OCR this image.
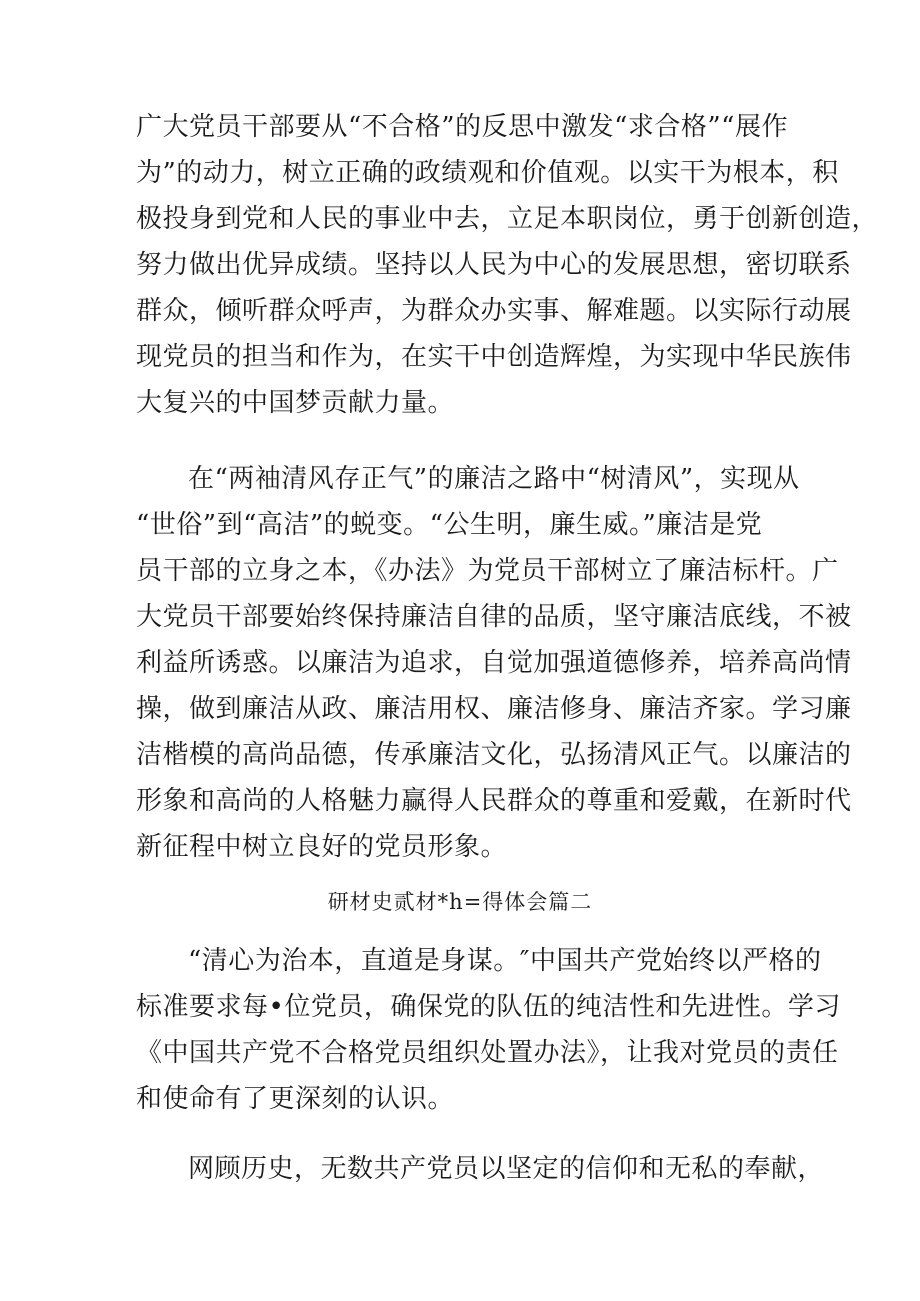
广大党员干部要从“不合格”的反思中激发“求合格”“展作
为”的动力，树立正确的政绩观和价值观。以实干为根本，积
极投身到党和人民的事业中去，立足本职岗位，勇于创新创造，
努力做出优异成绩。坚持以人民为中心的发展思想，密切联系
群众，倾听群众呼声，为群众办实事、解难题。以实际行动展
现党员的担当和作为，在实干中创造辉煌，为实现中华民族伟
大复兴的中国梦贡献力量。
在“两袖清风存正气”的廉洁之路中“树清风”，实现从
“世俗”到“高洁”的蜕变。“公生明，廉生威。”廉洁是党
员干部的立身之本，《办法》为党员干部树立了廉洁标杆。广
大党员干部要始终保持廉洁自律的品质，坚守廉洁底线，不被
利益所诱惑。以廉洁为追求，自觉加强道德修养，培养高尚情
操，做到廉洁从政、廉洁用权、廉洁修身、廉洁齐家。学习廉
洁楷模的高尚品德，传承廉洁文化，弘扬清风正气。以廉洁的
形象和高尚的人格魅力赢得人民群众的尊重和爱戴，在新时代
新征程中树立良好的党员形象。
研材史贰材*h=得体会篇二
“清心为治本，直道是身谋。″中国共产党始终以严格的
标准要求每•位党员，确保党的队伍的纯洁性和先进性。学习
《中国共产党不合格党员组织处置办法》，让我对党员的责任
和使命有了更深刻的认识。
网顾历史，无数共产党员以坚定的信仰和无私的奉献，
